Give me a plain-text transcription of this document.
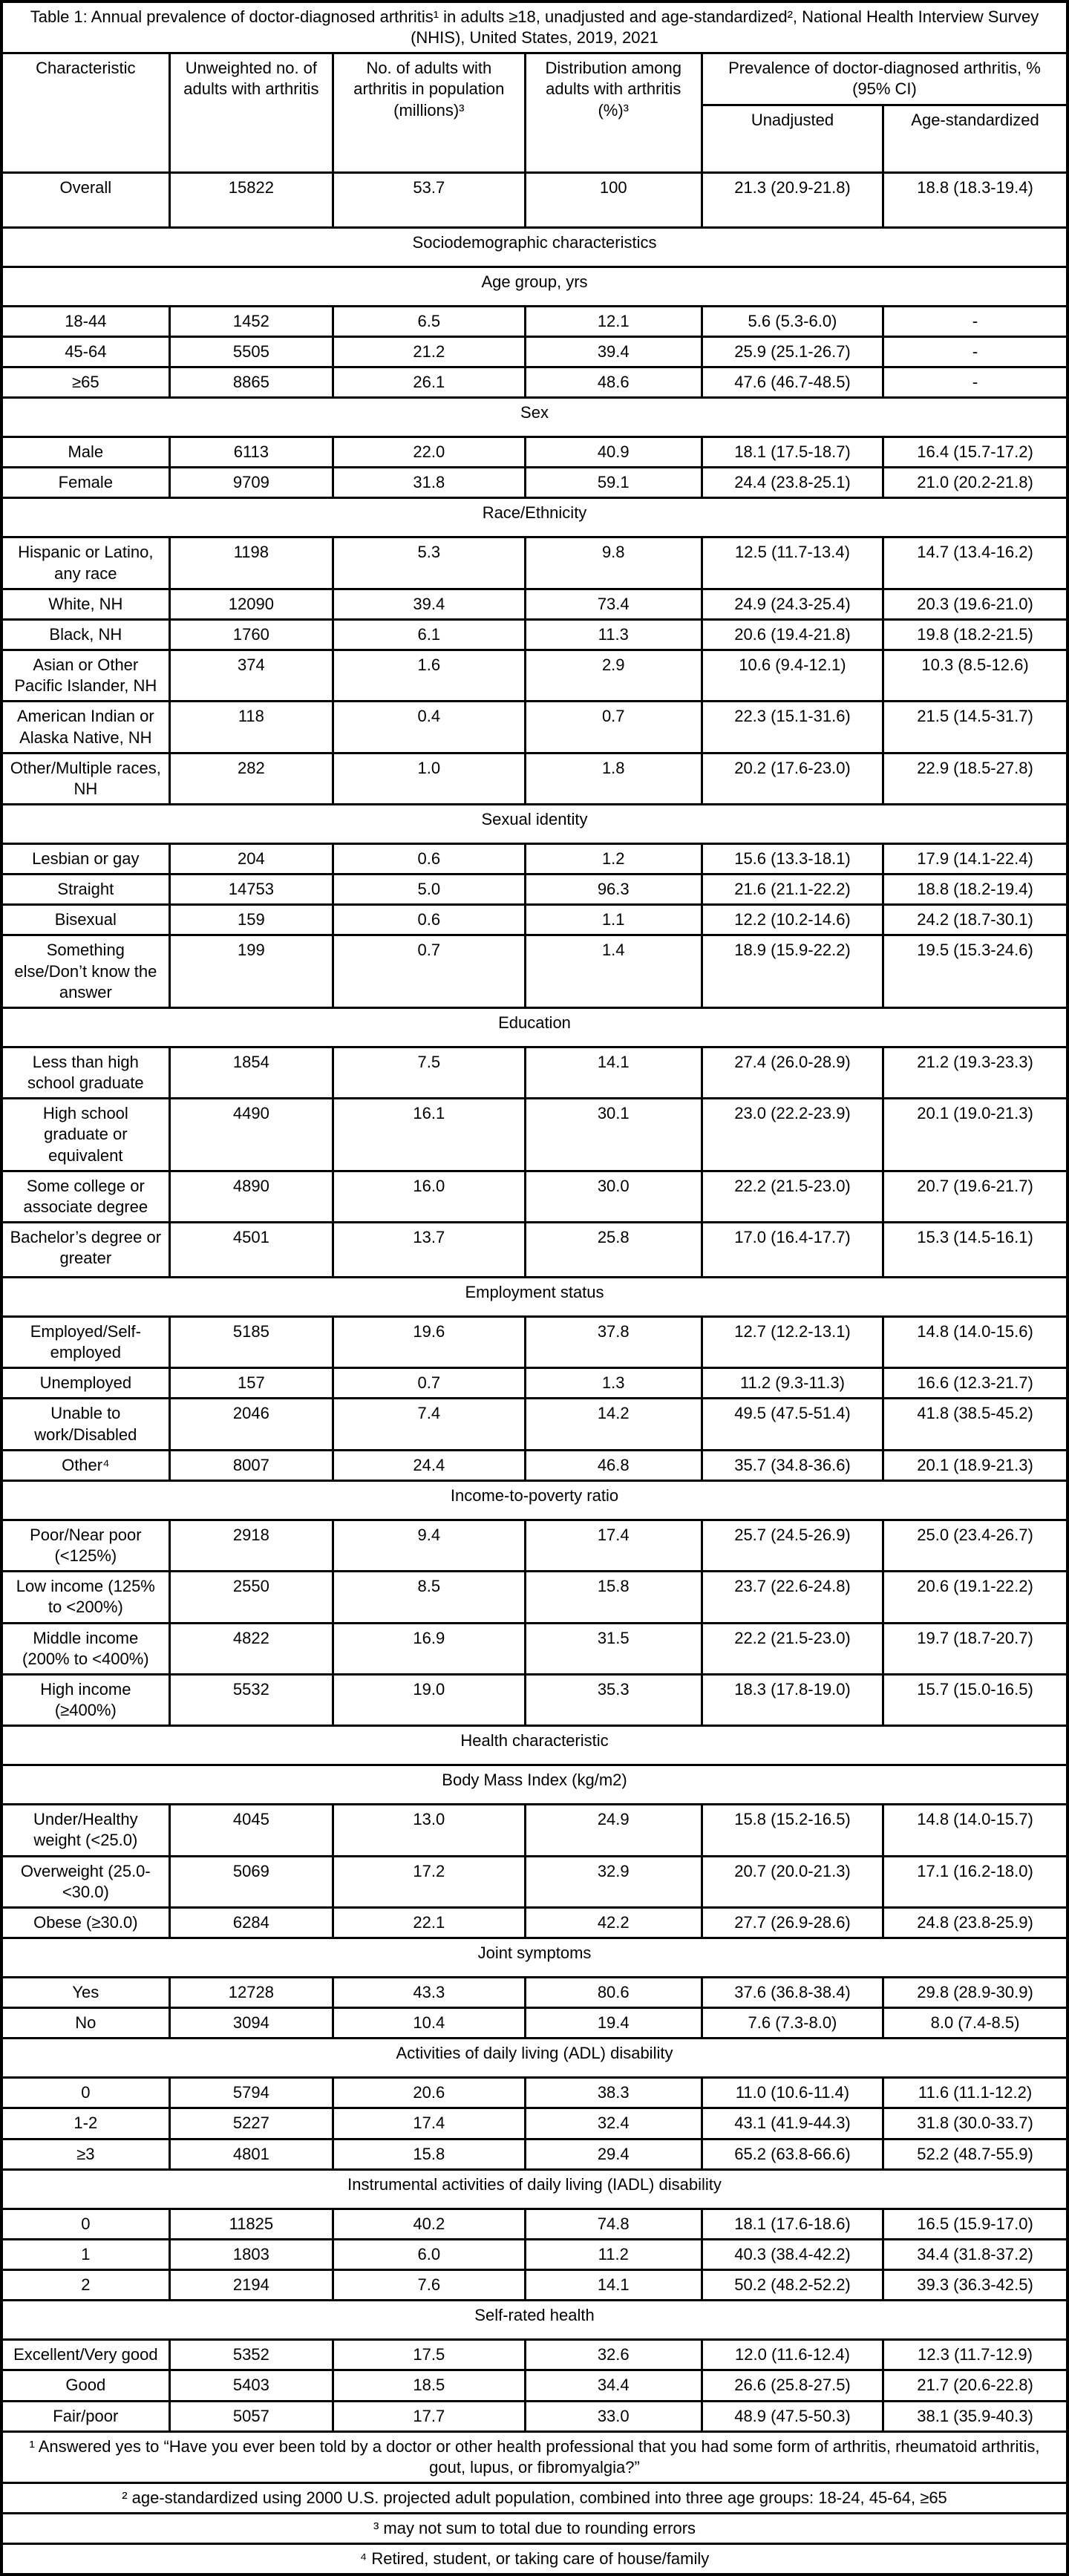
Table 1: Annual prevalence of doctor-diagnosed arthritis¹ in adults ≥18, unadjusted and age-standardized², National Health Interview Survey (NHIS), United States, 2019, 2021					
Characteristic	Unweighted no. of adults with arthritis	No. of adults with arthritis in population (millions)³	Distribution among adults with arthritis (%)³	Prevalence of doctor-diagnosed arthritis, % (95% CI)	
				Unadjusted	Age-standardized
Overall	15822	53.7	100	21.3 (20.9-21.8)	18.8 (18.3-19.4)
Sociodemographic characteristics					
Age group, yrs					
18-44	1452	6.5	12.1	5.6 (5.3-6.0)	-
45-64	5505	21.2	39.4	25.9 (25.1-26.7)	-
≥65	8865	26.1	48.6	47.6 (46.7-48.5)	-
Sex					
Male	6113	22.0	40.9	18.1 (17.5-18.7)	16.4 (15.7-17.2)
Female	9709	31.8	59.1	24.4 (23.8-25.1)	21.0 (20.2-21.8)
Race/Ethnicity					
Hispanic or Latino, any race	1198	5.3	9.8	12.5 (11.7-13.4)	14.7 (13.4-16.2)
White, NH	12090	39.4	73.4	24.9 (24.3-25.4)	20.3 (19.6-21.0)
Black, NH	1760	6.1	11.3	20.6 (19.4-21.8)	19.8 (18.2-21.5)
Asian or Other Pacific Islander, NH	374	1.6	2.9	10.6 (9.4-12.1)	10.3 (8.5-12.6)
American Indian or Alaska Native, NH	118	0.4	0.7	22.3 (15.1-31.6)	21.5 (14.5-31.7)
Other/Multiple races, NH	282	1.0	1.8	20.2 (17.6-23.0)	22.9 (18.5-27.8)
Sexual identity					
Lesbian or gay	204	0.6	1.2	15.6 (13.3-18.1)	17.9 (14.1-22.4)
Straight	14753	5.0	96.3	21.6 (21.1-22.2)	18.8 (18.2-19.4)
Bisexual	159	0.6	1.1	12.2 (10.2-14.6)	24.2 (18.7-30.1)
Something else/Don’t know the answer	199	0.7	1.4	18.9 (15.9-22.2)	19.5 (15.3-24.6)
Education					
Less than high school graduate	1854	7.5	14.1	27.4 (26.0-28.9)	21.2 (19.3-23.3)
High school graduate or equivalent	4490	16.1	30.1	23.0 (22.2-23.9)	20.1 (19.0-21.3)
Some college or associate degree	4890	16.0	30.0	22.2 (21.5-23.0)	20.7 (19.6-21.7)
Bachelor’s degree or greater	4501	13.7	25.8	17.0 (16.4-17.7)	15.3 (14.5-16.1)
Employment status					
Employed/Self-employed	5185	19.6	37.8	12.7 (12.2-13.1)	14.8 (14.0-15.6)
Unemployed	157	0.7	1.3	11.2 (9.3-11.3)	16.6 (12.3-21.7)
Unable to work/Disabled	2046	7.4	14.2	49.5 (47.5-51.4)	41.8 (38.5-45.2)
Other⁴	8007	24.4	46.8	35.7 (34.8-36.6)	20.1 (18.9-21.3)
Income-to-poverty ratio					
Poor/Near poor (<125%)	2918	9.4	17.4	25.7 (24.5-26.9)	25.0 (23.4-26.7)
Low income (125% to <200%)	2550	8.5	15.8	23.7 (22.6-24.8)	20.6 (19.1-22.2)
Middle income (200% to <400%)	4822	16.9	31.5	22.2 (21.5-23.0)	19.7 (18.7-20.7)
High income (≥400%)	5532	19.0	35.3	18.3 (17.8-19.0)	15.7 (15.0-16.5)
Health characteristic					
Body Mass Index (kg/m2)					
Under/Healthy weight (<25.0)	4045	13.0	24.9	15.8 (15.2-16.5)	14.8 (14.0-15.7)
Overweight (25.0- <30.0)	5069	17.2	32.9	20.7 (20.0-21.3)	17.1 (16.2-18.0)
Obese (≥30.0)	6284	22.1	42.2	27.7 (26.9-28.6)	24.8 (23.8-25.9)
Joint symptoms					
Yes	12728	43.3	80.6	37.6 (36.8-38.4)	29.8 (28.9-30.9)
No	3094	10.4	19.4	7.6 (7.3-8.0)	8.0 (7.4-8.5)
Activities of daily living (ADL) disability					
0	5794	20.6	38.3	11.0 (10.6-11.4)	11.6 (11.1-12.2)
1-2	5227	17.4	32.4	43.1 (41.9-44.3)	31.8 (30.0-33.7)
≥3	4801	15.8	29.4	65.2 (63.8-66.6)	52.2 (48.7-55.9)
Instrumental activities of daily living (IADL) disability					
0	11825	40.2	74.8	18.1 (17.6-18.6)	16.5 (15.9-17.0)
1	1803	6.0	11.2	40.3 (38.4-42.2)	34.4 (31.8-37.2)
2	2194	7.6	14.1	50.2 (48.2-52.2)	39.3 (36.3-42.5)
Self-rated health					
Excellent/Very good	5352	17.5	32.6	12.0 (11.6-12.4)	12.3 (11.7-12.9)
Good	5403	18.5	34.4	26.6 (25.8-27.5)	21.7 (20.6-22.8)
Fair/poor	5057	17.7	33.0	48.9 (47.5-50.3)	38.1 (35.9-40.3)
¹ Answered yes to “Have you ever been told by a doctor or other health professional that you had some form of arthritis, rheumatoid arthritis, gout, lupus, or fibromyalgia?”					
² age-standardized using 2000 U.S. projected adult population, combined into three age groups: 18-24, 45-64, ≥65					
³ may not sum to total due to rounding errors					
⁴ Retired, student, or taking care of house/family					
